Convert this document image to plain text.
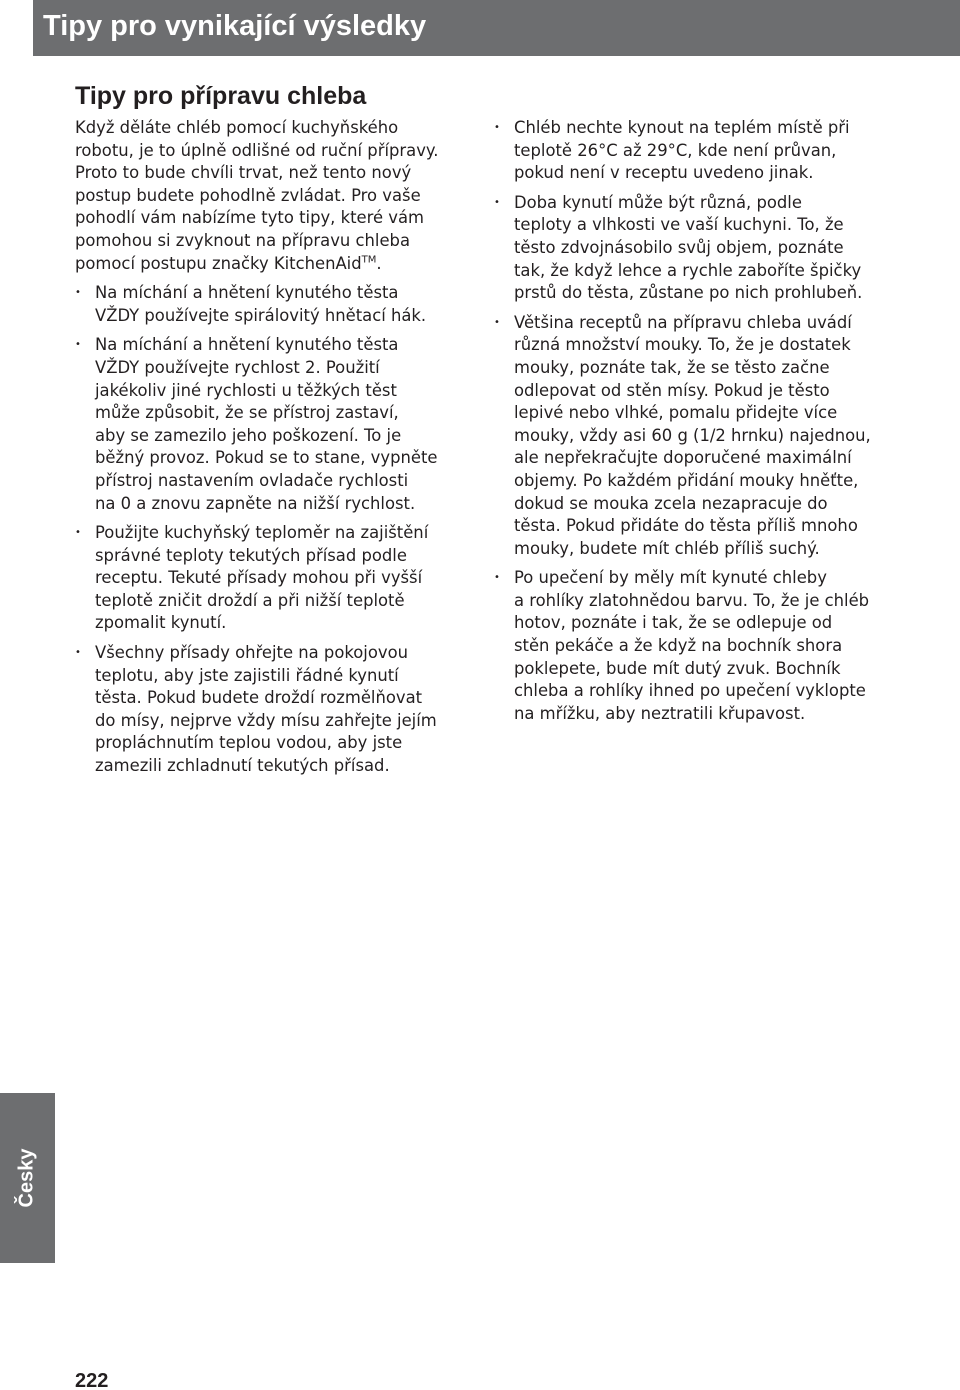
Tipy pro vynikající výsledky
Tipy pro přípravu chleba

Když děláte chléb pomocí kuchyňského
robotu, je to úplně odlišné od ruční přípravy.
Proto to bude chvíli trvat, než tento nový
postup budete pohodlně zvládat. Pro vaše
pohodlí vám nabízíme tyto tipy, které vám
pomohou si zvyknout na přípravu chleba
pomocí postupu značky KitchenAid™.

• Na míchání a hnětení kynutého těsta
VŽDY používejte spirálovitý hnětací hák.
• Na míchání a hnětení kynutého těsta
VŽDY používejte rychlost 2. Použití
jakékoliv jiné rychlosti u těžkých těst
může způsobit, že se přístroj zastaví,
aby se zamezilo jeho poškození. To je
běžný provoz. Pokud se to stane, vypněte
přístroj nastavením ovladače rychlosti
na 0 a znovu zapněte na nižší rychlost.
• Použijte kuchyňský teploměr na zajištění
správné teploty tekutých přísad podle
receptu. Tekuté přísady mohou při vyšší
teplotě zničit droždí a při nižší teplotě
zpomalit kynutí.
• Všechny přísady ohřejte na pokojovou
teplotu, aby jste zajistili řádné kynutí
těsta. Pokud budete droždí rozmělňovat
do mísy, nejprve vždy mísu zahřejte jejím
propláchnutím teplou vodou, aby jste
zamezili zchladnutí tekutých přísad.
• Chléb nechte kynout na teplém místě při
teplotě 26°C až 29°C, kde není průvan,
pokud není v receptu uvedeno jinak.
• Doba kynutí může být různá, podle
teploty a vlhkosti ve vaší kuchyni. To, že
těsto zdvojnásobilo svůj objem, poznáte
tak, že když lehce a rychle zaboříte špičky
prstů do těsta, zůstane po nich prohlubeň.
• Většina receptů na přípravu chleba uvádí
různá množství mouky. To, že je dostatek
mouky, poznáte tak, že se těsto začne
odlepovat od stěn mísy. Pokud je těsto
lepivé nebo vlhké, pomalu přidejte více
mouky, vždy asi 60 g (1/2 hrnku) najednou,
ale nepřekračujte doporučené maximální
objemy. Po každém přidání mouky hněťte,
dokud se mouka zcela nezapracuje do
těsta. Pokud přidáte do těsta příliš mnoho
mouky, budete mít chléb příliš suchý.
• Po upečení by měly mít kynuté chleby
a rohlíky zlatohnědou barvu. To, že je chléb
hotov, poznáte i tak, že se odlepuje od
stěn pekáče a že když na bochník shora
poklepete, bude mít dutý zvuk. Bochník
chleba a rohlíky ihned po upečení vyklopte
na mřížku, aby neztratili křupavost.
Česky
222
